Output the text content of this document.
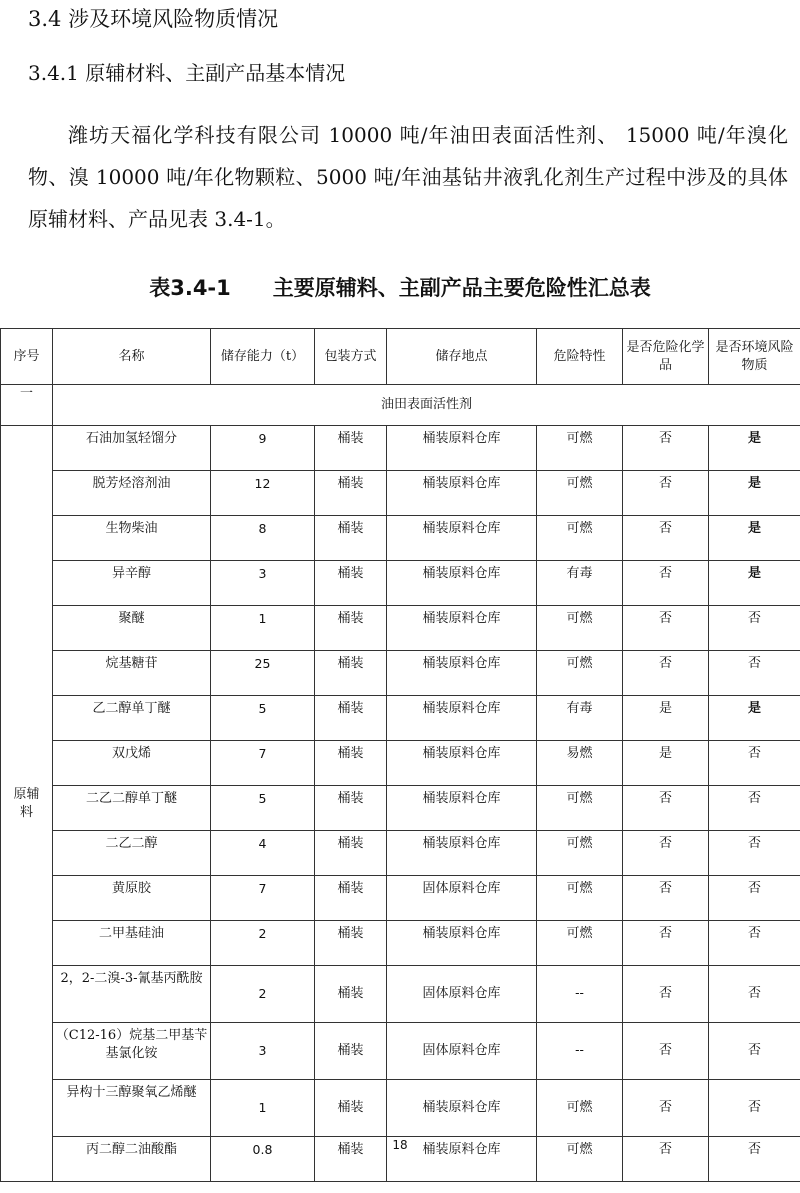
3.4 涉及环境风险物质情况
3.4.1 原辅材料、主副产品基本情况

潍坊天福化学科技有限公司 10000 吨/年油田表面活性剂、 15000 吨/年溴化物、溴 10000 吨/年化物颗粒、5000 吨/年油基钻井液乳化剂生产过程中涉及的具体原辅材料、产品见表 3.4-1。

表3.4-1　　主要原辅料、主副产品主要危险性汇总表
序号	名称	储存能力（t）	包装方式	储存地点	危险特性	是否危险化学品	是否环境风险物质
一	油田表面活性剂						
原辅料	石油加氢轻馏分	9	桶装	桶装原料仓库	可燃	否	是
	脱芳烃溶剂油	12	桶装	桶装原料仓库	可燃	否	是
	生物柴油	8	桶装	桶装原料仓库	可燃	否	是
	异辛醇	3	桶装	桶装原料仓库	有毒	否	是
	聚醚	1	桶装	桶装原料仓库	可燃	否	否
	烷基糖苷	25	桶装	桶装原料仓库	可燃	否	否
	乙二醇单丁醚	5	桶装	桶装原料仓库	有毒	是	是
	双戊烯	7	桶装	桶装原料仓库	易燃	是	否
	二乙二醇单丁醚	5	桶装	桶装原料仓库	可燃	否	否
	二乙二醇	4	桶装	桶装原料仓库	可燃	否	否
	黄原胶	7	桶装	固体原料仓库	可燃	否	否
	二甲基硅油	2	桶装	桶装原料仓库	可燃	否	否
	2，2-二溴-3-氰基丙酰胺	2	桶装	固体原料仓库	--	否	否
	（C12-16）烷基二甲基苄基氯化铵	3	桶装	固体原料仓库	--	否	否
	异构十三醇聚氧乙烯醚	1	桶装	桶装原料仓库	可燃	否	否
	丙二醇二油酸酯	0.8	桶装	桶装原料仓库	可燃	否	否
18
